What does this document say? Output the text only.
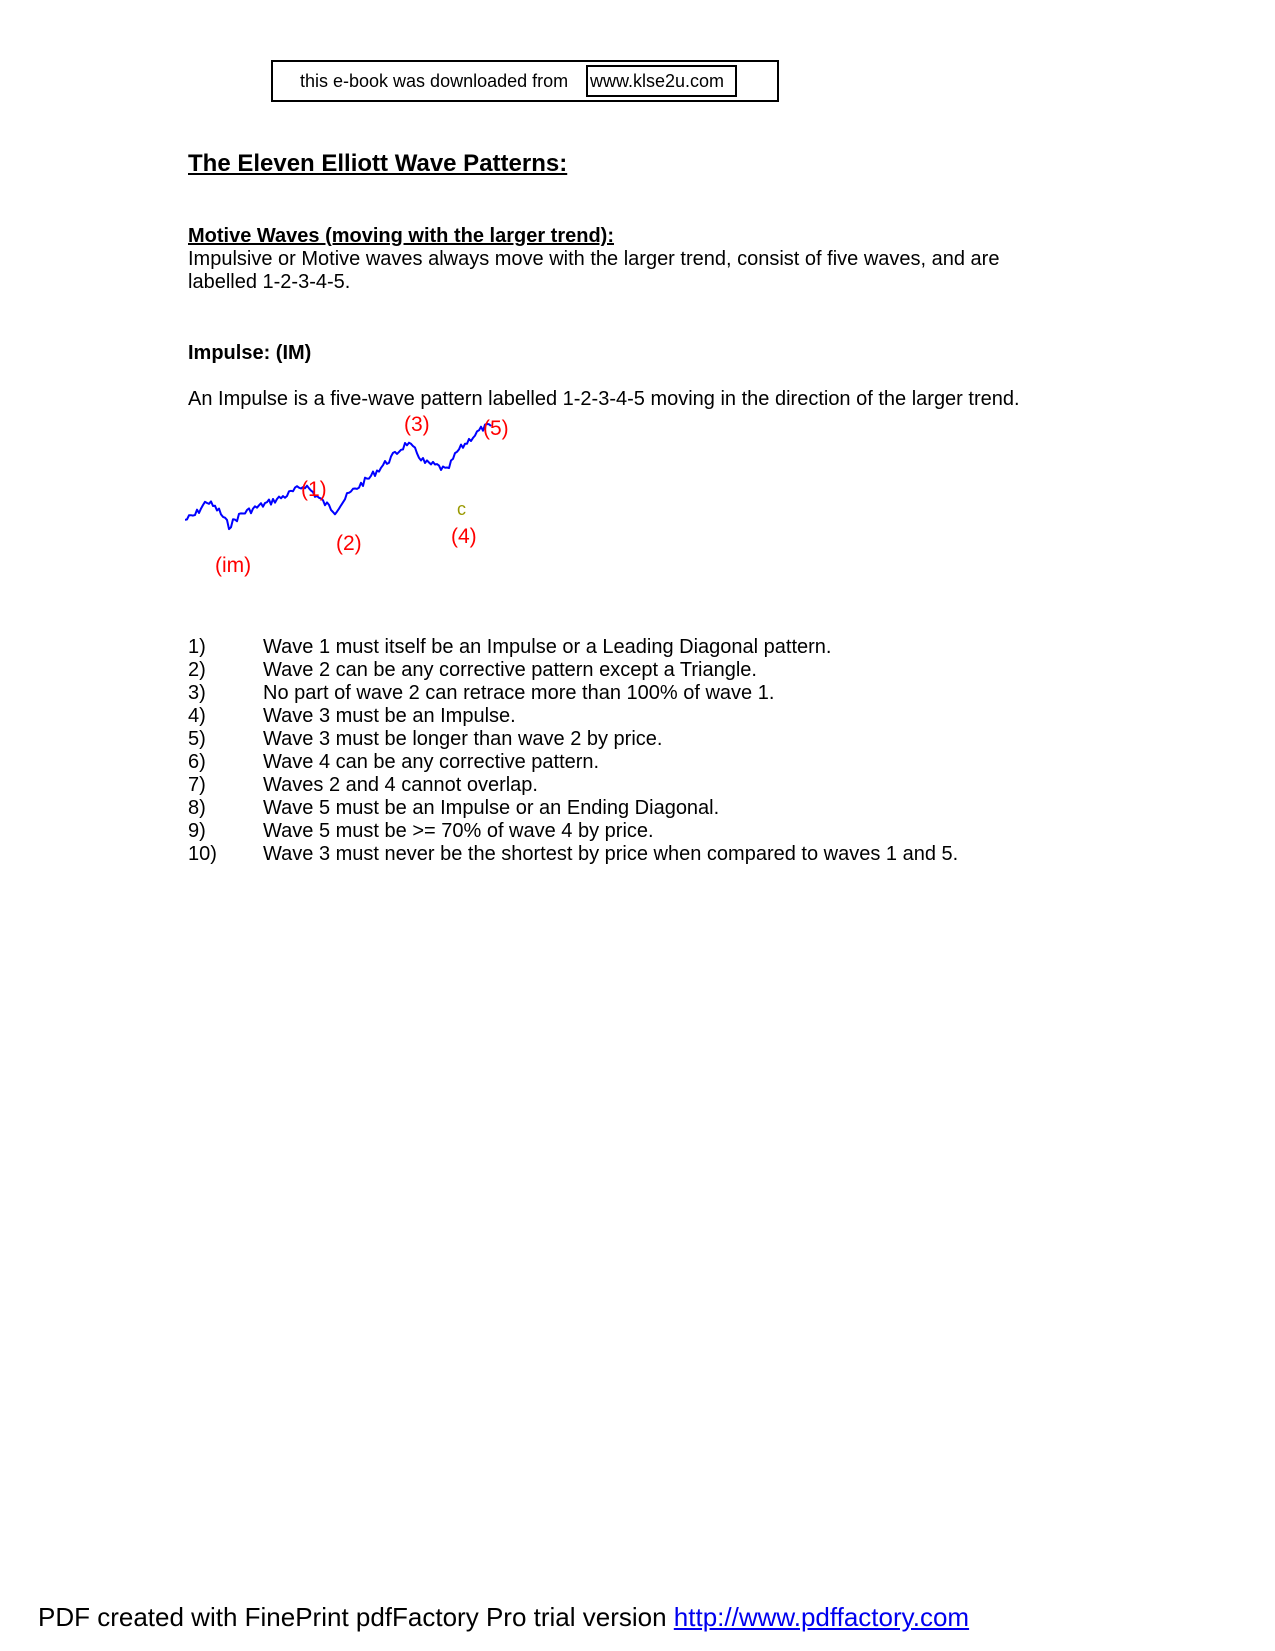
this e-book was downloaded from www.klse2u.com
The Eleven Elliott Wave Patterns:
Motive Waves (moving with the larger trend):
Impulsive or Motive waves always move with the larger trend, consist of five waves, and are labelled 1-2-3-4-5.
Impulse: (IM)
An Impulse is a five-wave pattern labelled 1-2-3-4-5 moving in the direction of the larger trend.
(im)
(1)
(2)
(3)
(4)
(5)
c
1)	Wave 1 must itself be an Impulse or a Leading Diagonal pattern.
2)	Wave 2 can be any corrective pattern except a Triangle.
3)	No part of wave 2 can retrace more than 100% of wave 1.
4)	Wave 3 must be an Impulse.
5)	Wave 3 must be longer than wave 2 by price.
6)	Wave 4 can be any corrective pattern.
7)	Waves 2 and 4 cannot overlap.
8)	Wave 5 must be an Impulse or an Ending Diagonal.
9)	Wave 5 must be >= 70% of wave 4 by price.
10)	Wave 3 must never be the shortest by price when compared to waves 1 and 5.
PDF created with FinePrint pdfFactory Pro trial version http://www.pdffactory.com
